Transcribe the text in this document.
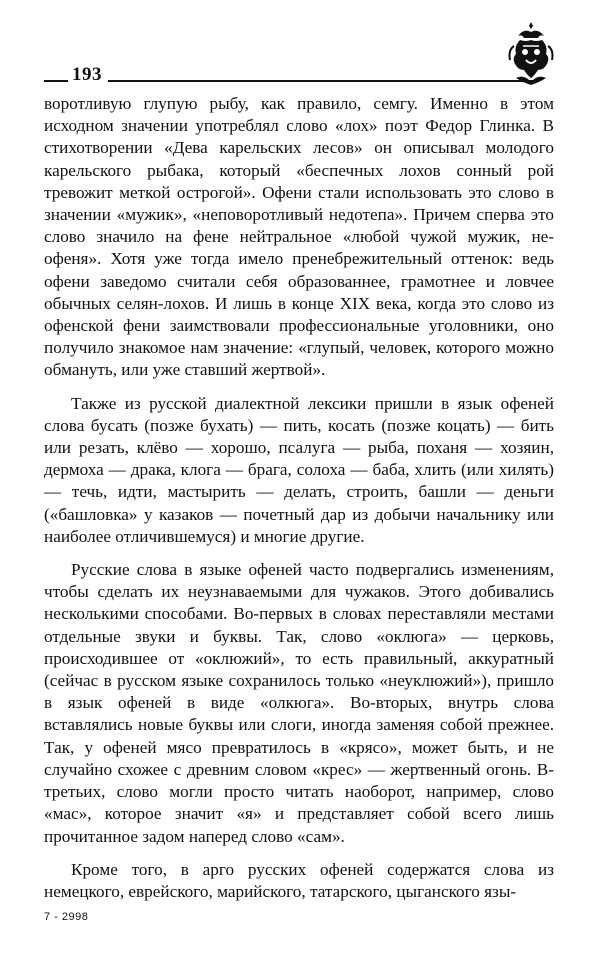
193

воротливую глупую рыбу, как правило, семгу. Именно в этом исходном значении употреблял слово «лох» поэт Федор Глинка. В стихотворении «Дева карельских лесов» он описывал молодого карельского рыбака, который «беспечных лохов сонный рой тревожит меткой острогой». Офени стали использовать это слово в значении «мужик», «неповоротливый недотепа». Причем сперва это слово значило на фене нейтральное «любой чужой мужик, не-офеня». Хотя уже тогда имело пренебрежительный оттенок: ведь офени заведомо считали себя образованнее, грамотнее и ловчее обычных селян-лохов. И лишь в конце XIX века, когда это слово из офенской фени заимствовали профессиональные уголовники, оно получило знакомое нам значение: «глупый, человек, которого можно обмануть, или уже ставший жертвой».

Также из русской диалектной лексики пришли в язык офеней слова бусать (позже бухать) — пить, косать (позже коцать) — бить или резать, клёво — хорошо, псалуга — рыба, поханя — хозяин, дермоха — драка, клога — брага, солоха — баба, хлить (или хилять) — течь, идти, мастырить — делать, строить, башли — деньги («башловка» у казаков — почетный дар из добычи начальнику или наиболее отличившемуся) и многие другие.

Русские слова в языке офеней часто подвергались изменениям, чтобы сделать их неузнаваемыми для чужаков. Этого добивались несколькими способами. Во-первых в словах переставляли местами отдельные звуки и буквы. Так, слово «оклюга» — церковь, происходившее от «оклюжий», то есть правильный, аккуратный (сейчас в русском языке сохранилось только «неуклюжий»), пришло в язык офеней в виде «олкюга». Во-вторых, внутрь слова вставлялись новые буквы или слоги, иногда заменяя собой прежнее. Так, у офеней мясо превратилось в «крясо», может быть, и не случайно схожее с древним словом «крес» — жертвенный огонь. В-третьих, слово могли просто читать наоборот, например, слово «мас», которое значит «я» и представляет собой всего лишь прочитанное задом наперед слово «сам».

Кроме того, в арго русских офеней содержатся слова из немецкого, еврейского, марийского, татарского, цыганского язы-

7 - 2998
